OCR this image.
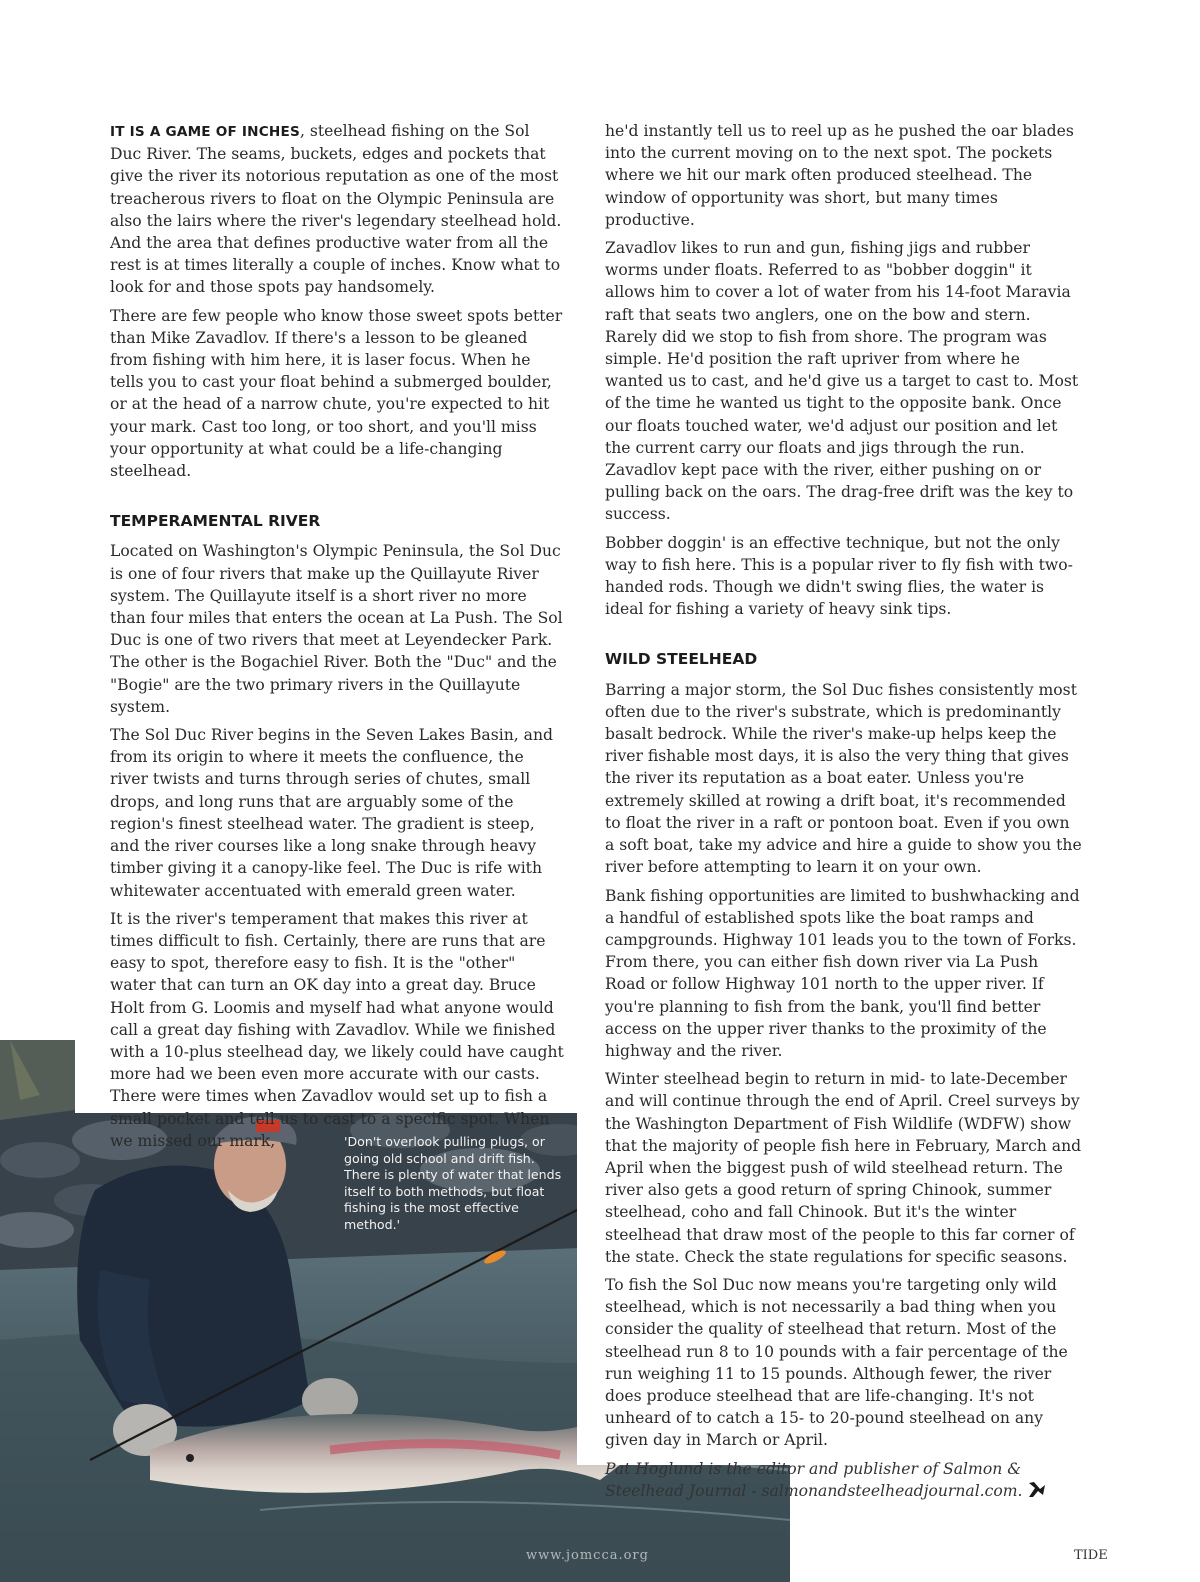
IT IS A GAME OF INCHES, steelhead fishing on the Sol Duc River. The seams, buckets, edges and pockets that give the river its notorious reputation as one of the most treacherous rivers to float on the Olympic Peninsula are also the lairs where the river's legendary steelhead hold. And the area that defines productive water from all the rest is at times literally a couple of inches. Know what to look for and those spots pay handsomely.

There are few people who know those sweet spots better than Mike Zavadlov. If there's a lesson to be gleaned from fishing with him here, it is laser focus. When he tells you to cast your float behind a submerged boulder, or at the head of a narrow chute, you're expected to hit your mark. Cast too long, or too short, and you'll miss your opportunity at what could be a life-changing steelhead.

TEMPERAMENTAL RIVER

Located on Washington's Olympic Peninsula, the Sol Duc is one of four rivers that make up the Quillayute River system. The Quillayute itself is a short river no more than four miles that enters the ocean at La Push. The Sol Duc is one of two rivers that meet at Leyendecker Park. The other is the Bogachiel River. Both the "Duc" and the "Bogie" are the two primary rivers in the Quillayute system.

The Sol Duc River begins in the Seven Lakes Basin, and from its origin to where it meets the confluence, the river twists and turns through series of chutes, small drops, and long runs that are arguably some of the region's finest steelhead water. The gradient is steep, and the river courses like a long snake through heavy timber giving it a canopy-like feel. The Duc is rife with whitewater accentuated with emerald green water.

It is the river's temperament that makes this river at times difficult to fish. Certainly, there are runs that are easy to spot, therefore easy to fish. It is the "other" water that can turn an OK day into a great day. Bruce Holt from G. Loomis and myself had what anyone would call a great day fishing with Zavadlov. While we finished with a 10-plus steelhead day, we likely could have caught more had we been even more accurate with our casts. There were times when Zavadlov would set up to fish a small pocket and tell us to cast to a specific spot. When we missed our mark,

he'd instantly tell us to reel up as he pushed the oar blades into the current moving on to the next spot. The pockets where we hit our mark often produced steelhead. The window of opportunity was short, but many times productive.

Zavadlov likes to run and gun, fishing jigs and rubber worms under floats. Referred to as "bobber doggin" it allows him to cover a lot of water from his 14-foot Maravia raft that seats two anglers, one on the bow and stern. Rarely did we stop to fish from shore. The program was simple. He'd position the raft upriver from where he wanted us to cast, and he'd give us a target to cast to. Most of the time he wanted us tight to the opposite bank. Once our floats touched water, we'd adjust our position and let the current carry our floats and jigs through the run. Zavadlov kept pace with the river, either pushing on or pulling back on the oars. The drag-free drift was the key to success.

Bobber doggin' is an effective technique, but not the only way to fish here. This is a popular river to fly fish with two-handed rods. Though we didn't swing flies, the water is ideal for fishing a variety of heavy sink tips.

WILD STEELHEAD

Barring a major storm, the Sol Duc fishes consistently most often due to the river's substrate, which is predominantly basalt bedrock. While the river's make-up helps keep the river fishable most days, it is also the very thing that gives the river its reputation as a boat eater. Unless you're extremely skilled at rowing a drift boat, it's recommended to float the river in a raft or pontoon boat. Even if you own a soft boat, take my advice and hire a guide to show you the river before attempting to learn it on your own.

Bank fishing opportunities are limited to bushwhacking and a handful of established spots like the boat ramps and campgrounds. Highway 101 leads you to the town of Forks. From there, you can either fish down river via La Push Road or follow Highway 101 north to the upper river. If you're planning to fish from the bank, you'll find better access on the upper river thanks to the proximity of the highway and the river.

Winter steelhead begin to return in mid- to late-December and will continue through the end of April. Creel surveys by the Washington Department of Fish Wildlife (WDFW) show that the majority of people fish here in February, March and April when the biggest push of wild steelhead return. The river also gets a good return of spring Chinook, summer steelhead, coho and fall Chinook. But it's the winter steelhead that draw most of the people to this far corner of the state. Check the state regulations for specific seasons.

To fish the Sol Duc now means you're targeting only wild steelhead, which is not necessarily a bad thing when you consider the quality of steelhead that return. Most of the steelhead run 8 to 10 pounds with a fair percentage of the run weighing 11 to 15 pounds. Although fewer, the river does produce steelhead that are life-changing. It's not unheard of to catch a 15- to 20-pound steelhead on any given day in March or April.

Pat Hoglund is the editor and publisher of Salmon & Steelhead Journal - salmonandsteelheadjournal.com.

'Don't overlook pulling plugs, or going old school and drift fish. There is plenty of water that lends itself to both methods, but float fishing is the most effective method.'
www.jomcca.org	TIDE
